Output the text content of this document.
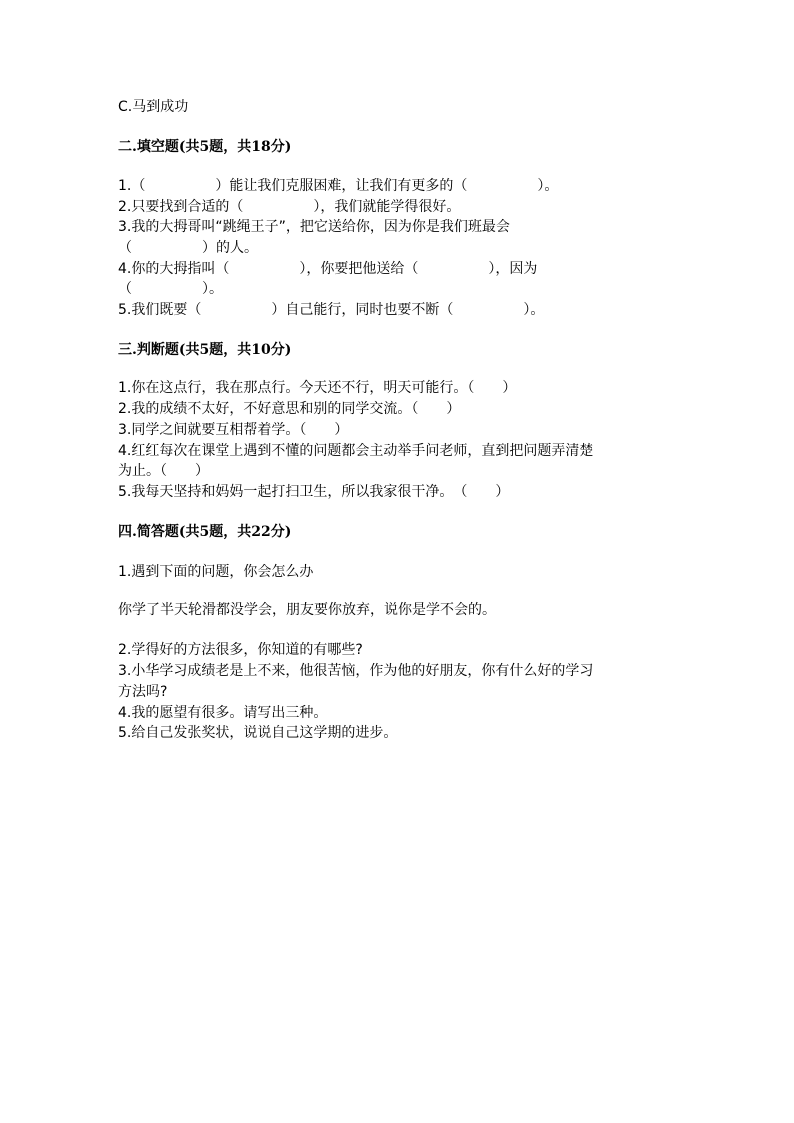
C.马到成功
二.填空题(共5题，共18分)
1.（　　　　　）能让我们克服困难，让我们有更多的（　　　　　）。
2.只要找到合适的（　　　　　），我们就能学得很好。
3.我的大拇哥叫“跳绳王子”，把它送给你，因为你是我们班最会
（　　　　　）的人。
4.你的大拇指叫（　　　　　），你要把他送给（　　　　　），因为
（　　　　　）。
5.我们既要（　　　　　）自己能行，同时也要不断（　　　　　）。
三.判断题(共5题，共10分)
1.你在这点行，我在那点行。今天还不行，明天可能行。（　　）
2.我的成绩不太好，不好意思和别的同学交流。（　　）
3.同学之间就要互相帮着学。（　　）
4.红红每次在课堂上遇到不懂的问题都会主动举手问老师，直到把问题弄清楚
为止。（　　）
5.我每天坚持和妈妈一起打扫卫生，所以我家很干净。　（　　）
四.简答题(共5题，共22分)
1.遇到下面的问题，你会怎么办
你学了半天轮滑都没学会，朋友要你放弃，说你是学不会的。
2.学得好的方法很多，你知道的有哪些?
3.小华学习成绩老是上不来，他很苦恼，作为他的好朋友，你有什么好的学习
方法吗?
4.我的愿望有很多。请写出三种。
5.给自己发张奖状，说说自己这学期的进步。
